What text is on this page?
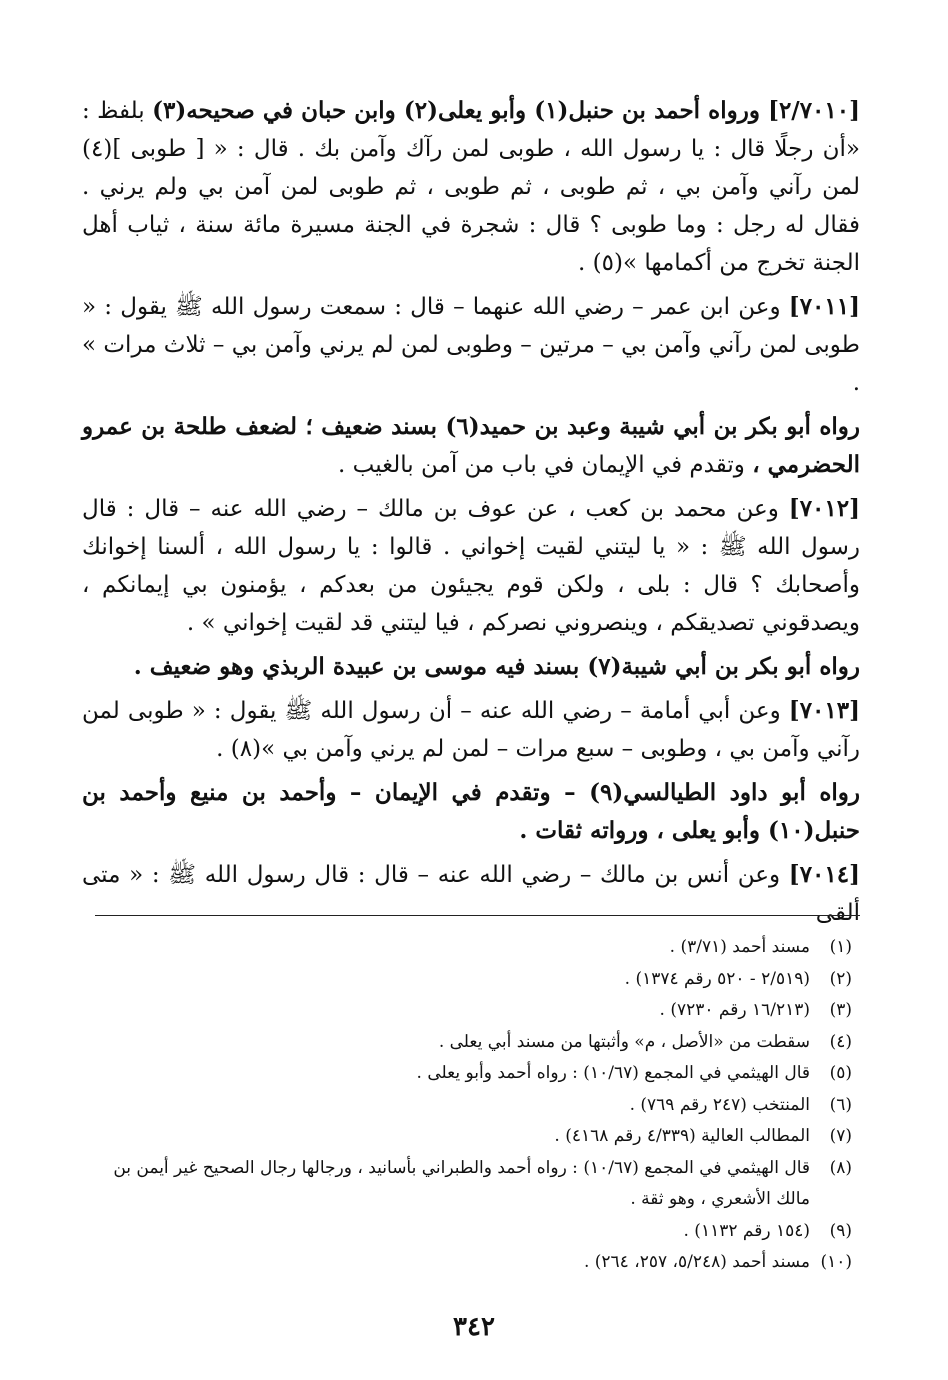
[٢/٧٠١٠] ورواه أحمد بن حنبل(١) وأبو يعلى(٢) وابن حبان في صحيحه(٣) بلفظ : «أن رجلًا قال : يا رسول الله ، طوبى لمن رآك وآمن بك . قال : « [ طوبى ](٤) لمن رآني وآمن بي ، ثم طوبى ، ثم طوبى ، ثم طوبى لمن آمن بي ولم يرني . فقال له رجل : وما طوبى ؟ قال : شجرة في الجنة مسيرة مائة سنة ، ثياب أهل الجنة تخرج من أكمامها »(٥) .

[٧٠١١] وعن ابن عمر – رضي الله عنهما – قال : سمعت رسول الله ﷺ يقول : « طوبى لمن رآني وآمن بي – مرتين – وطوبى لمن لم يرني وآمن بي – ثلاث مرات » .

رواه أبو بكر بن أبي شيبة وعبد بن حميد(٦) بسند ضعيف ؛ لضعف طلحة بن عمرو الحضرمي ، وتقدم في الإيمان في باب من آمن بالغيب .

[٧٠١٢] وعن محمد بن كعب ، عن عوف بن مالك – رضي الله عنه – قال : قال رسول الله ﷺ : « يا ليتني لقيت إخواني . قالوا : يا رسول الله ، ألسنا إخوانك وأصحابك ؟ قال : بلى ، ولكن قوم يجيئون من بعدكم ، يؤمنون بي إيمانكم ، ويصدقوني تصديقكم ، وينصروني نصركم ، فيا ليتني قد لقيت إخواني » .

رواه أبو بكر بن أبي شيبة(٧) بسند فيه موسى بن عبيدة الربذي وهو ضعيف .

[٧٠١٣] وعن أبي أمامة – رضي الله عنه – أن رسول الله ﷺ يقول : « طوبى لمن رآني وآمن بي ، وطوبى – سبع مرات – لمن لم يرني وآمن بي »(٨) .

رواه أبو داود الطيالسي(٩) – وتقدم في الإيمان – وأحمد بن منيع وأحمد بن حنبل(١٠) وأبو يعلى ، ورواته ثقات .

[٧٠١٤] وعن أنس بن مالك – رضي الله عنه – قال : قال رسول الله ﷺ : « متى ألقى

(١)
مسند أحمد (٣/٧١) .

(٢)
(٢/٥١٩ - ٥٢٠ رقم ١٣٧٤) .

(٣)
(١٦/٢١٣ رقم ٧٢٣٠) .

(٤)
سقطت من «الأصل ، م» وأثبتها من مسند أبي يعلى .

(٥)
قال الهيثمي في المجمع (١٠/٦٧) : رواه أحمد وأبو يعلى .

(٦)
المنتخب (٢٤٧ رقم ٧٦٩) .

(٧)
المطالب العالية (٤/٣٣٩ رقم ٤١٦٨) .

(٨)
قال الهيثمي في المجمع (١٠/٦٧) : رواه أحمد والطبراني بأسانيد ، ورجالها رجال الصحيح غير أيمن بن مالك الأشعري ، وهو ثقة .

(٩)
(١٥٤ رقم ١١٣٢) .

(١٠)
مسند أحمد (٥/٢٤٨، ٢٥٧، ٢٦٤) .

٣٤٢
